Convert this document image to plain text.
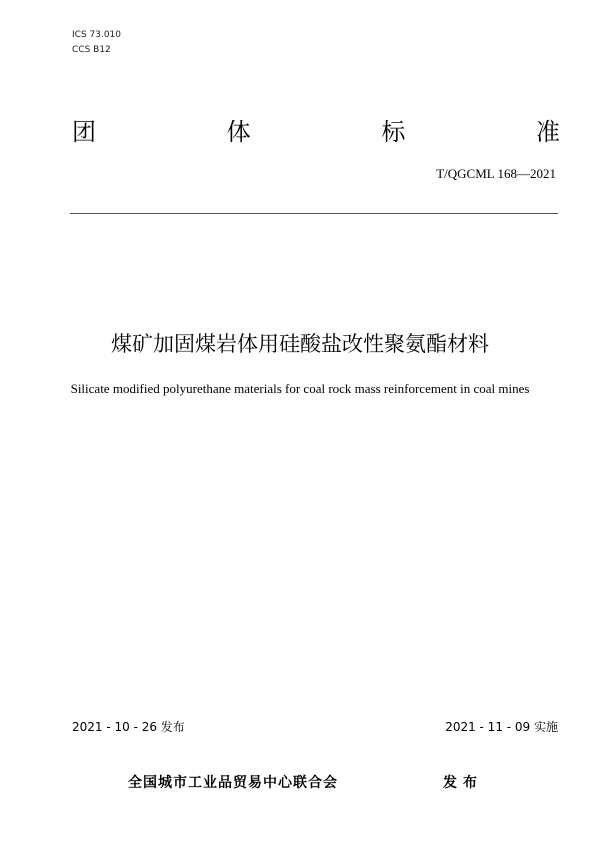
ICS 73.010
CCS B12
团	体	标	准
T/QGCML 168—2021
煤矿加固煤岩体用硅酸盐改性聚氨酯材料
Silicate modified polyurethane materials for coal rock mass reinforcement in coal mines
2021 - 10 - 26 发布	2021 - 11 - 09 实施
全国城市工业品贸易中心联合会	发布
